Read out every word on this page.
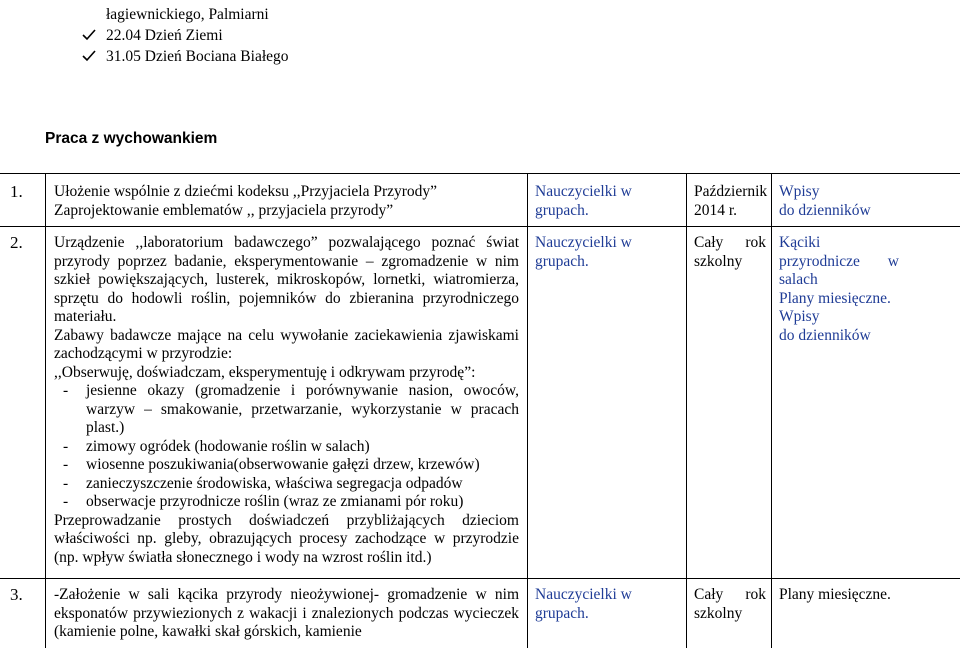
łagiewnickiego, Palmiarni
22.04 Dzień Ziemi
31.05 Dzień Bociana Białego
Praca z wychowankiem
1. Ułożenie wspólnie z dziećmi kodeksu ,,Przyjaciela Przyrody”
Zaprojektowanie emblematów ,, przyjaciela przyrody”
Nauczycielki w grupach.
Październik
2014 r.
Wpisy
do dzienników
2. Urządzenie ,,laboratorium badawczego” pozwalającego poznać świat przyrody poprzez badanie, eksperymentowanie – zgromadzenie w nim szkieł powiększających, lusterek, mikroskopów, lornetki, wiatromierza, sprzętu do hodowli roślin, pojemników do zbieranina przyrodniczego materiału.
Zabawy badawcze mające na celu wywołanie zaciekawienia zjawiskami zachodzącymi w przyrodzie:
,,Obserwuję, doświadczam, eksperymentuję i odkrywam przyrodę”:
- jesienne okazy (gromadzenie i porównywanie nasion, owoców, warzyw – smakowanie, przetwarzanie, wykorzystanie w pracach plast.)
- zimowy ogródek (hodowanie roślin w salach)
- wiosenne poszukiwania(obserwowanie gałęzi drzew, krzewów)
- zanieczyszczenie środowiska, właściwa segregacja odpadów
- obserwacje przyrodnicze roślin (wraz ze zmianami pór roku)
Przeprowadzanie prostych doświadczeń przybliżających dzieciom właściwości np. gleby, obrazujących procesy zachodzące w przyrodzie (np. wpływ światła słonecznego i wody na wzrost roślin itd.)
Nauczycielki w grupach.
Cały rok
szkolny
Kąciki
przyrodnicze w
salach
Plany miesięczne.
Wpisy
do dzienników
3. -Założenie w sali kącika przyrody nieożywionej- gromadzenie w nim eksponatów przywiezionych z wakacji i znalezionych podczas wycieczek (kamienie polne, kawałki skał górskich, kamienie
Nauczycielki w grupach.
Cały rok
szkolny
Plany miesięczne.
